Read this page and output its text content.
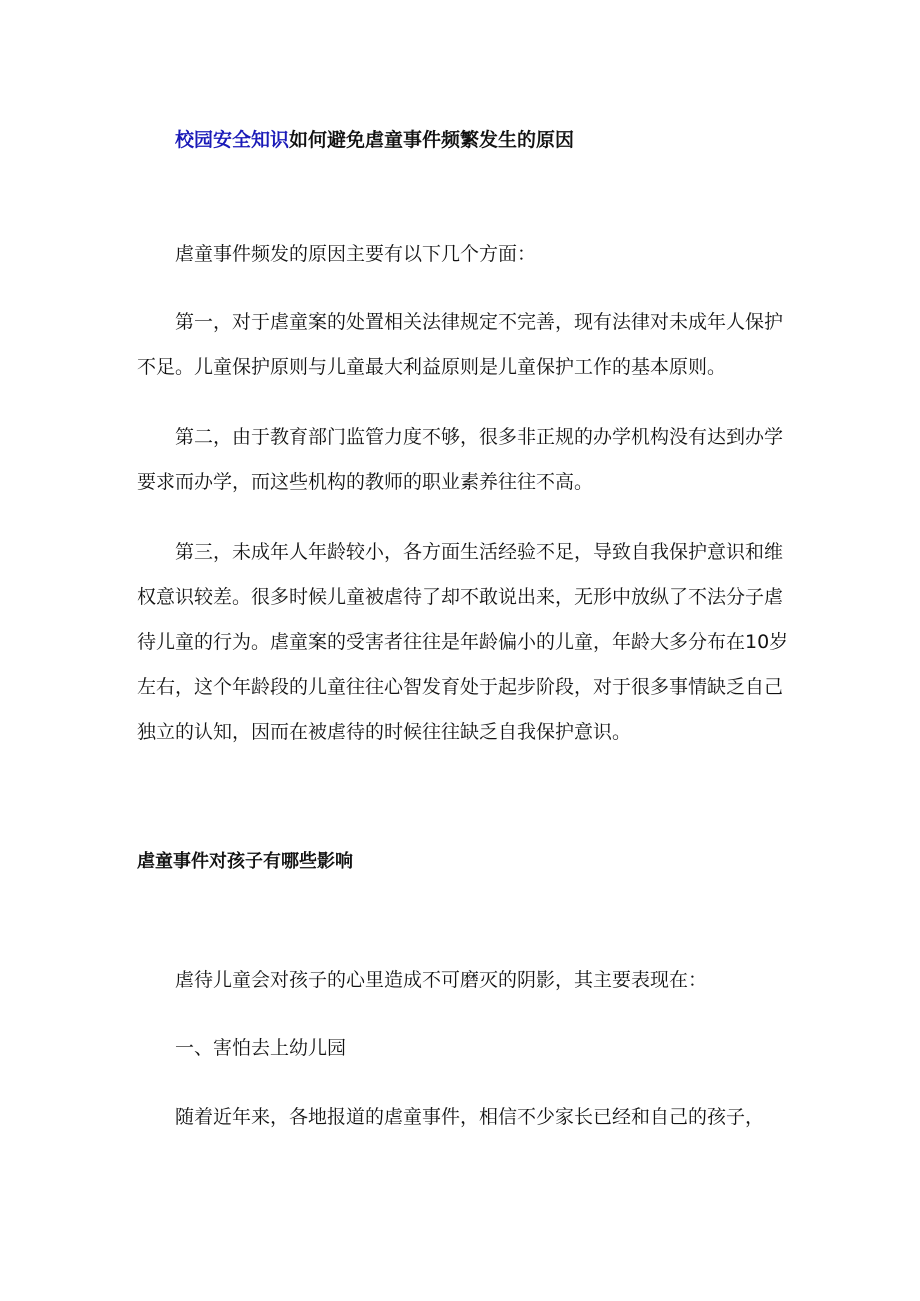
校园安全知识如何避免虐童事件频繁发生的原因

虐童事件频发的原因主要有以下几个方面：

第一，对于虐童案的处置相关法律规定不完善，现有法律对未成年人保护不足。儿童保护原则与儿童最大利益原则是儿童保护工作的基本原则。

第二，由于教育部门监管力度不够，很多非正规的办学机构没有达到办学要求而办学，而这些机构的教师的职业素养往往不高。

第三，未成年人年龄较小，各方面生活经验不足，导致自我保护意识和维权意识较差。很多时候儿童被虐待了却不敢说出来，无形中放纵了不法分子虐待儿童的行为。虐童案的受害者往往是年龄偏小的儿童，年龄大多分布在10岁左右，这个年龄段的儿童往往心智发育处于起步阶段，对于很多事情缺乏自己独立的认知，因而在被虐待的时候往往缺乏自我保护意识。

虐童事件对孩子有哪些影响

虐待儿童会对孩子的心里造成不可磨灭的阴影，其主要表现在：

一、害怕去上幼儿园

随着近年来，各地报道的虐童事件，相信不少家长已经和自己的孩子，
